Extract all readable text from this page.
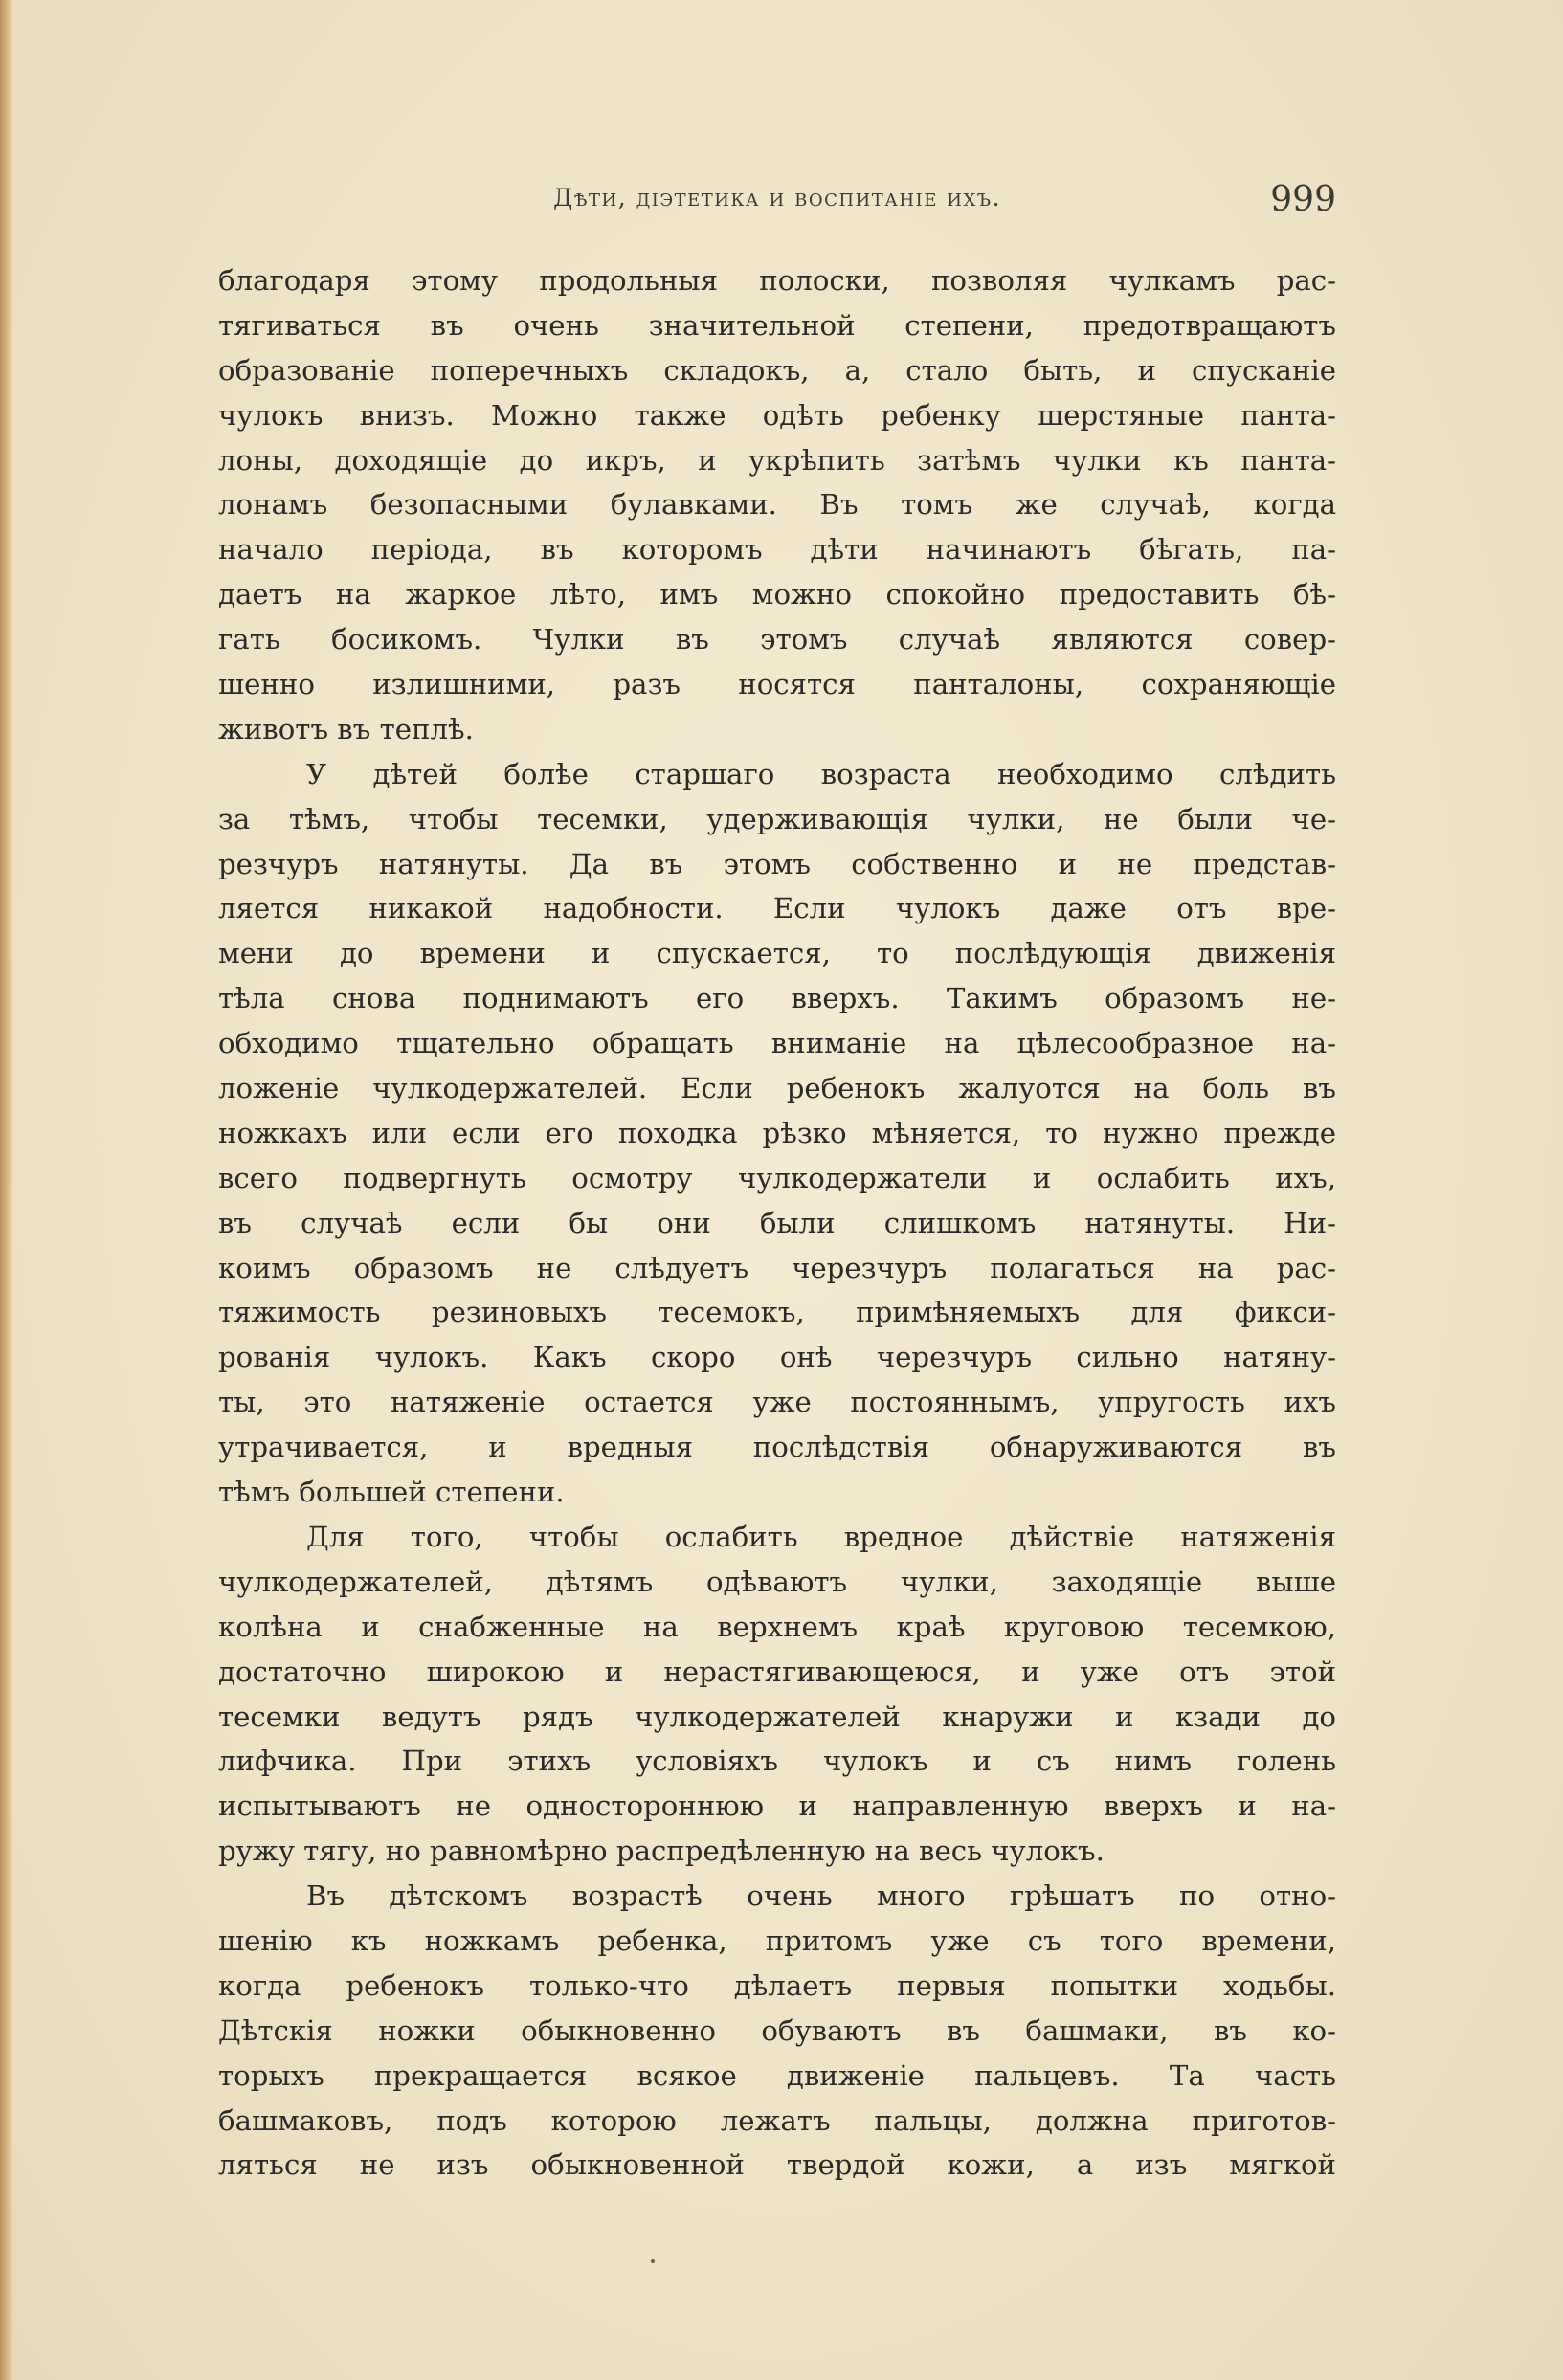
Дѣти, діэтетика и воспитаніе ихъ.	999
благодаря этому продольныя полоски, позволяя чулкамъ рас-
тягиваться въ очень значительной степени, предотвращаютъ
образованіе поперечныхъ складокъ, а, стало быть, и спусканіе
чулокъ внизъ. Можно также одѣть ребенку шерстяные панта-
лоны, доходящіе до икръ, и укрѣпить затѣмъ чулки къ панта-
лонамъ безопасными булавками. Въ томъ же случаѣ, когда
начало періода, въ которомъ дѣти начинаютъ бѣгать, па-
даетъ на жаркое лѣто, имъ можно спокойно предоставить бѣ-
гать босикомъ. Чулки въ этомъ случаѣ являются совер-
шенно излишними, разъ носятся панталоны, сохраняющіе
животъ въ теплѣ.
У дѣтей болѣе старшаго возраста необходимо слѣдить
за тѣмъ, чтобы тесемки, удерживающія чулки, не были че-
резчуръ натянуты. Да въ этомъ собственно и не представ-
ляется никакой надобности. Если чулокъ даже отъ вре-
мени до времени и спускается, то послѣдующія движенія
тѣла снова поднимаютъ его вверхъ. Такимъ образомъ не-
обходимо тщательно обращать вниманіе на цѣлесообразное на-
ложеніе чулкодержателей. Если ребенокъ жалуотся на боль въ
ножкахъ или если его походка рѣзко мѣняется, то нужно прежде
всего подвергнуть осмотру чулкодержатели и ослабить ихъ,
въ случаѣ если бы они были слишкомъ натянуты. Ни-
коимъ образомъ не слѣдуетъ черезчуръ полагаться на рас-
тяжимость резиновыхъ тесемокъ, примѣняемыхъ для фикси-
рованія чулокъ. Какъ скоро онѣ черезчуръ сильно натяну-
ты, это натяженіе остается уже постояннымъ, упругость ихъ
утрачивается, и вредныя послѣдствія обнаруживаются въ
тѣмъ большей степени.
Для того, чтобы ослабить вредное дѣйствіе натяженія
чулкодержателей, дѣтямъ одѣваютъ чулки, заходящіе выше
колѣна и снабженные на верхнемъ краѣ круговою тесемкою,
достаточно широкою и нерастягивающеюся, и уже отъ этой
тесемки ведутъ рядъ чулкодержателей кнаружи и кзади до
лифчика. При этихъ условіяхъ чулокъ и съ нимъ голень
испытываютъ не одностороннюю и направленную вверхъ и на-
ружу тягу, но равномѣрно распредѣленную на весь чулокъ.
Въ дѣтскомъ возрастѣ очень много грѣшатъ по отно-
шенію къ ножкамъ ребенка, притомъ уже съ того времени,
когда ребенокъ только-что дѣлаетъ первыя попытки ходьбы.
Дѣтскія ножки обыкновенно обуваютъ въ башмаки, въ ко-
торыхъ прекращается всякое движеніе пальцевъ. Та часть
башмаковъ, подъ которою лежатъ пальцы, должна приготов-
ляться не изъ обыкновенной твердой кожи, а изъ мягкой
